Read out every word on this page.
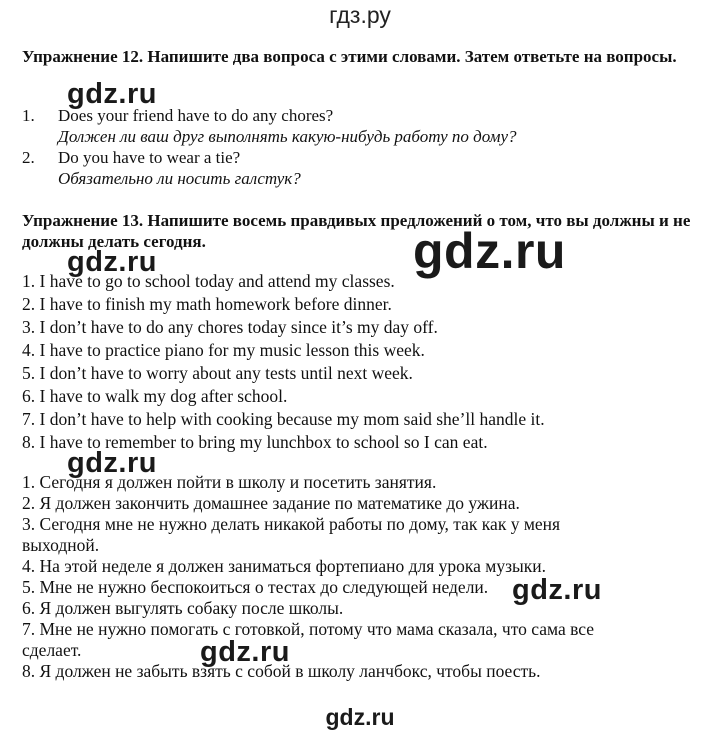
гдз.ру
Упражнение 12. Напишите два вопроса с этими словами. Затем ответьте на вопросы.
1. Does your friend have to do any chores?
Должен ли ваш друг выполнять какую-нибудь работу по дому?
2. Do you have to wear a tie?
Обязательно ли носить галстук?
Упражнение 13. Напишите восемь правдивых предложений о том, что вы должны и не должны делать сегодня.
1. I have to go to school today and attend my classes.
2. I have to finish my math homework before dinner.
3. I don’t have to do any chores today since it’s my day off.
4. I have to practice piano for my music lesson this week.
5. I don’t have to worry about any tests until next week.
6. I have to walk my dog after school.
7. I don’t have to help with cooking because my mom said she’ll handle it.
8. I have to remember to bring my lunchbox to school so I can eat.
1. Сегодня я должен пойти в школу и посетить занятия.
2. Я должен закончить домашнее задание по математике до ужина.
3. Сегодня мне не нужно делать никакой работы по дому, так как у меня
выходной.
4. На этой неделе я должен заниматься фортепиано для урока музыки.
5. Мне не нужно беспокоиться о тестах до следующей недели.
6. Я должен выгулять собаку после школы.
7. Мне не нужно помогать с готовкой, потому что мама сказала, что сама все
сделает.
8. Я должен не забыть взять с собой в школу ланчбокс, чтобы поесть.
gdz.ru
gdz.ru	gdz.ru
gdz.ru
gdz.ru
gdz.ru
gdz.ru
